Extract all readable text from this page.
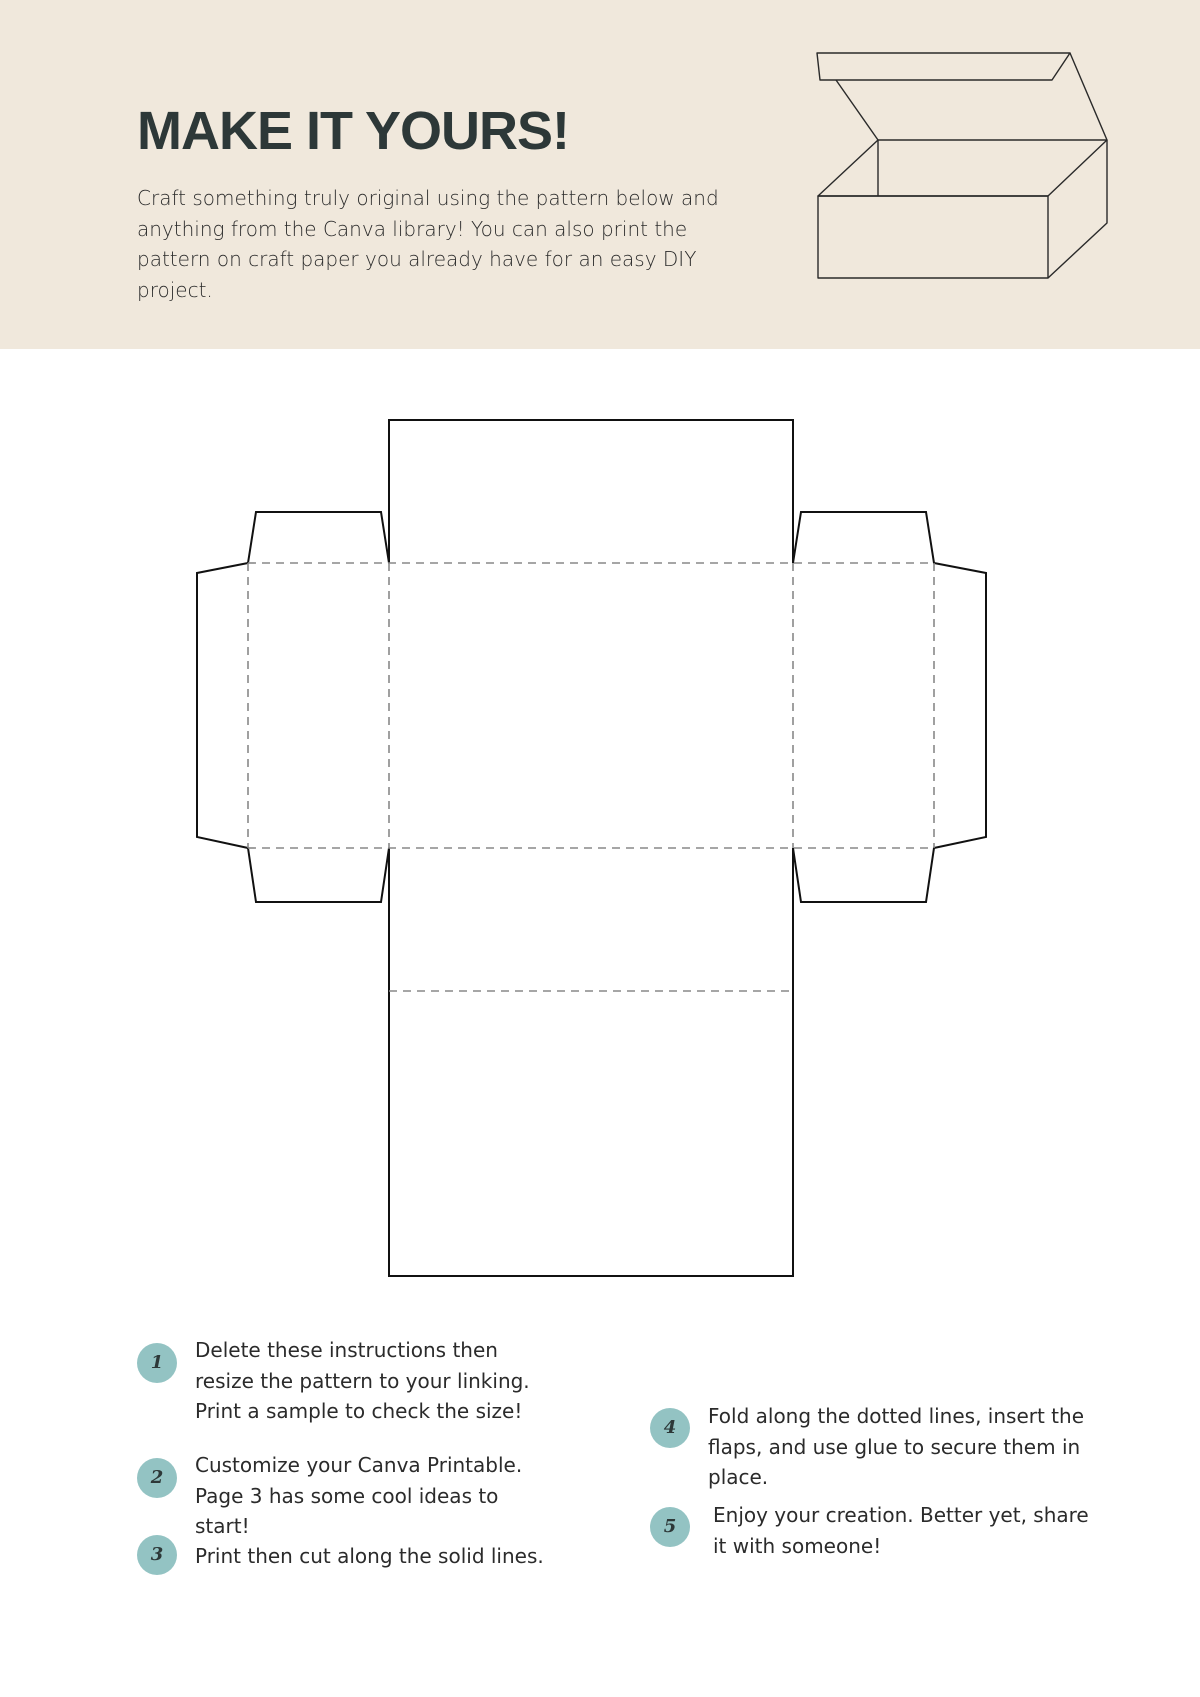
MAKE IT YOURS!

Craft something truly original using the pattern below and anything from the Canva library! You can also print the pattern on craft paper you already have for an easy DIY project.

1

Delete these instructions then resize the pattern to your linking. Print a sample to check the size!

2

Customize your Canva Printable. Page 3 has some cool ideas to start!

3	Print then cut along the solid lines.

4	Fold along the dotted lines, insert the flaps, and use glue to secure them in place.

5	Enjoy your creation. Better yet, share it with someone!
